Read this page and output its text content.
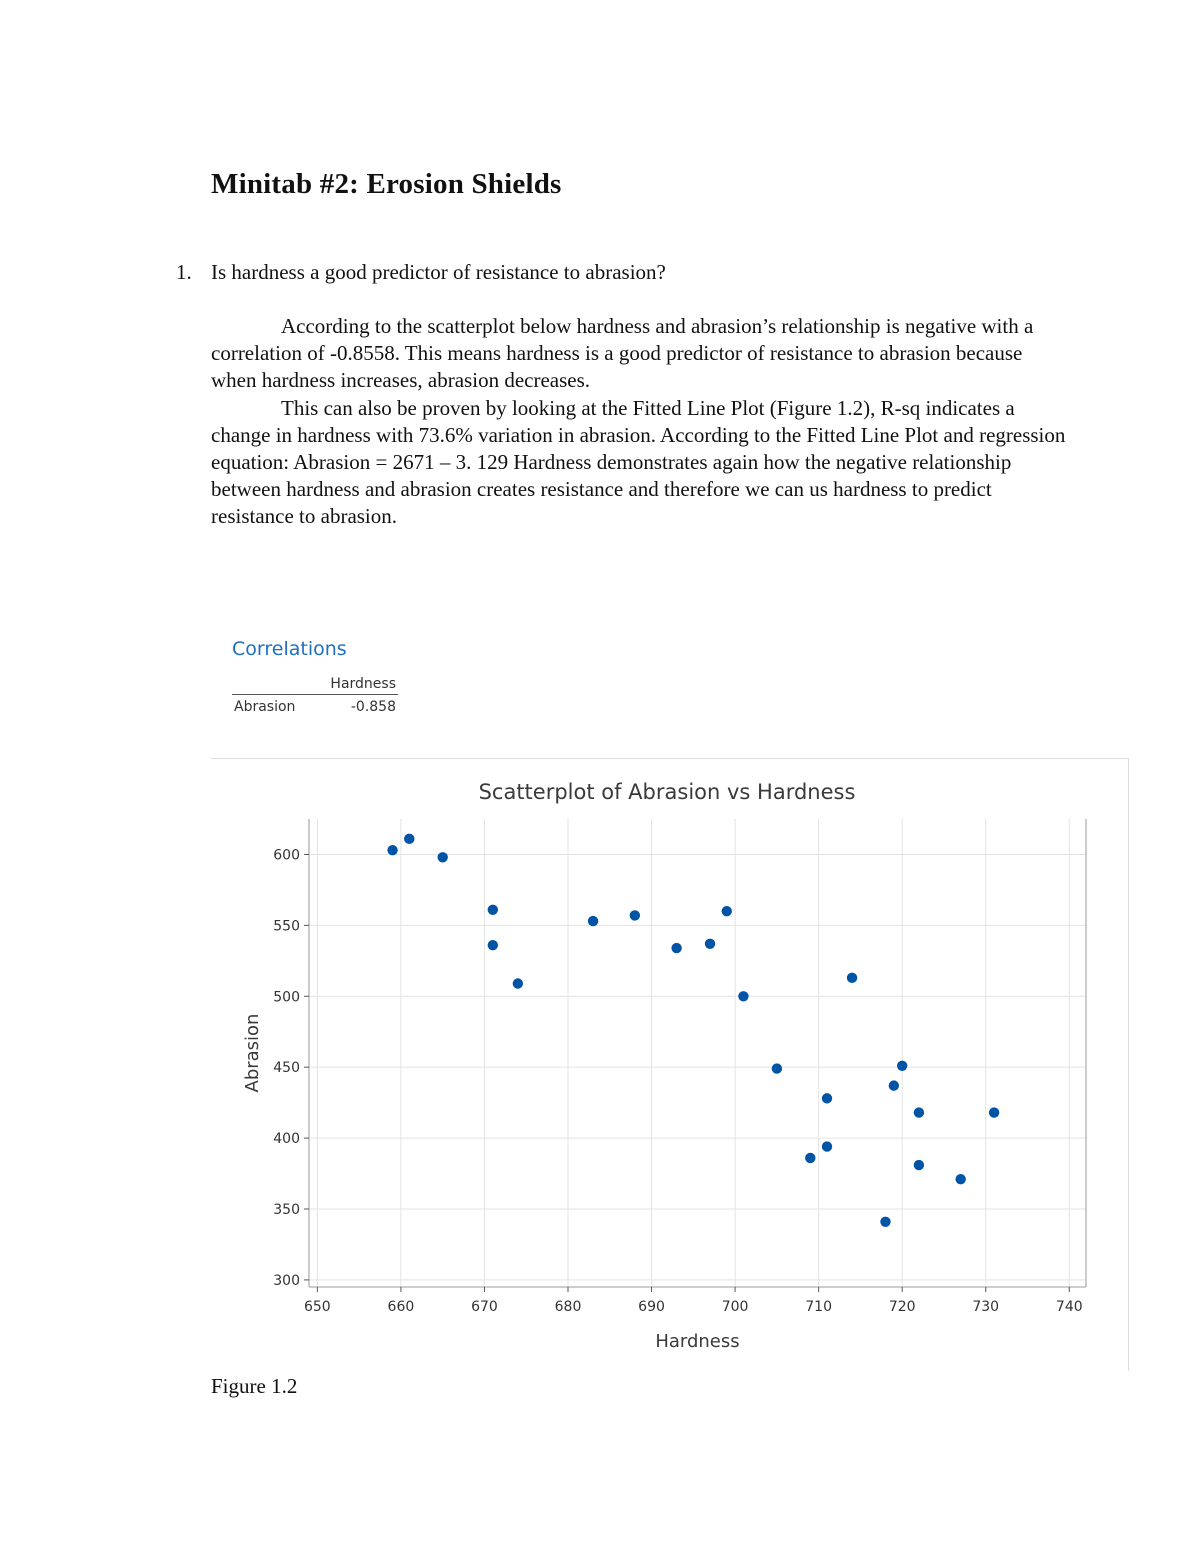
Minitab #2: Erosion Shields
1. Is hardness a good predictor of resistance to abrasion?

According to the scatterplot below hardness and abrasion’s relationship is negative with a correlation of -0.8558. This means hardness is a good predictor of resistance to abrasion because when hardness increases, abrasion decreases.

This can also be proven by looking at the Fitted Line Plot (Figure 1.2), R-sq indicates a change in hardness with 73.6% variation in abrasion. According to the Fitted Line Plot and regression equation: Abrasion = 2671 – 3. 129 Hardness demonstrates again how the negative relationship between hardness and abrasion creates resistance and therefore we can us hardness to predict resistance to abrasion.

Correlations
	Hardness
Abrasion	-0.858
Scatterplot of Abrasion vs Hardness
650	660	670	680	690	700	710	720	730	740
300
350
400
450
500
550
600
Hardness
Abrasion
Figure 1.2
